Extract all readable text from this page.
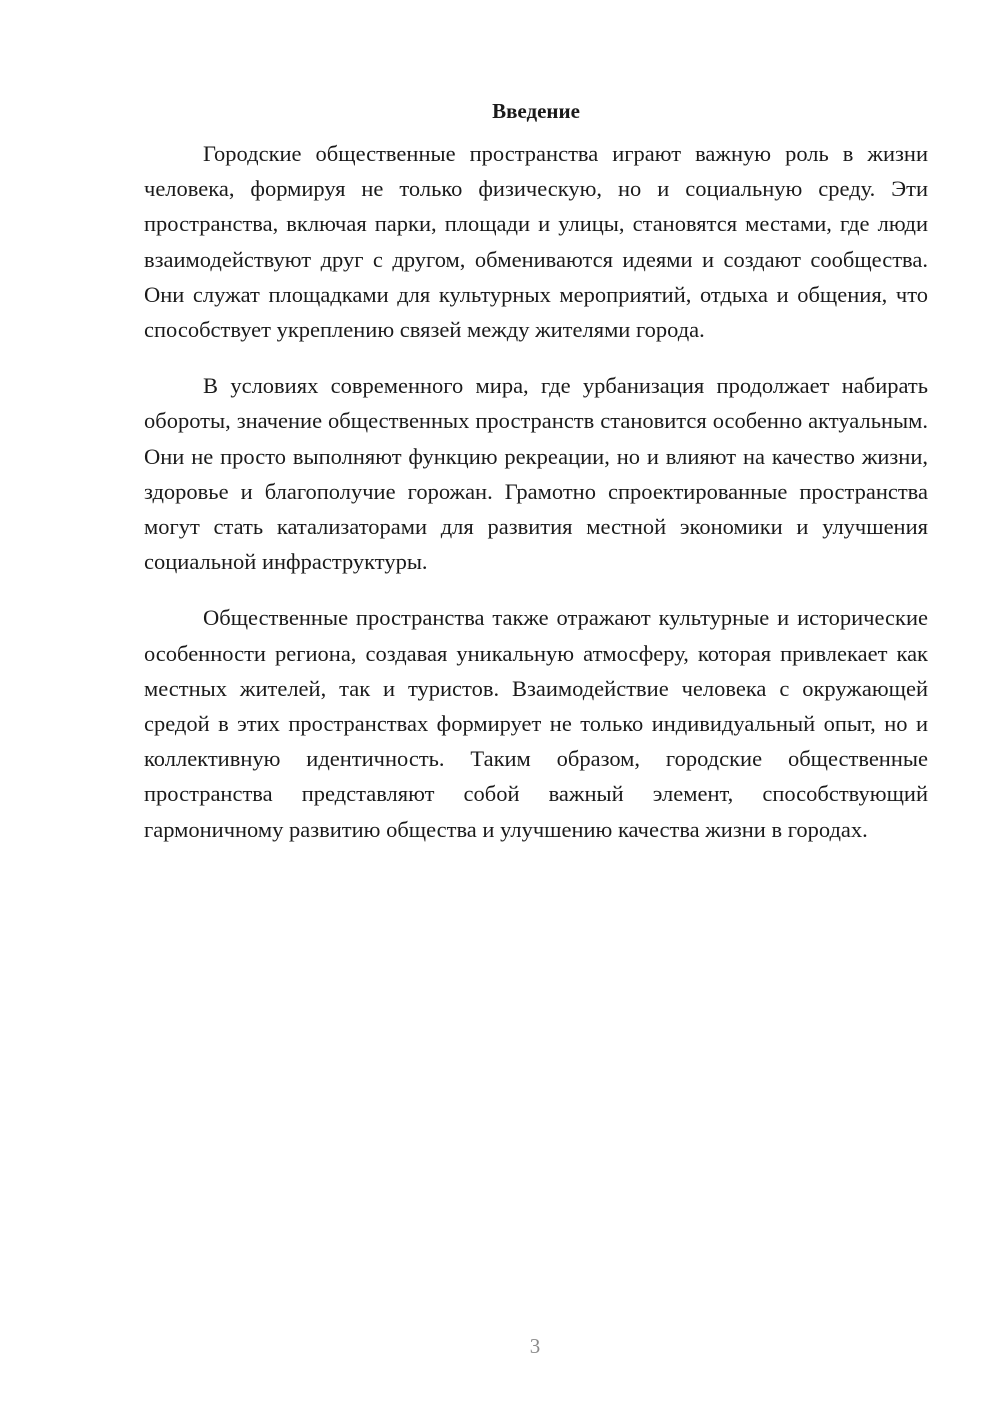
Введение

Городские общественные пространства играют важную роль в жизни человека, формируя не только физическую, но и социальную среду. Эти пространства, включая парки, площади и улицы, становятся местами, где люди взаимодействуют друг с другом, обмениваются идеями и создают сообщества. Они служат площадками для культурных мероприятий, отдыха и общения, что способствует укреплению связей между жителями города.

В условиях современного мира, где урбанизация продолжает набирать обороты, значение общественных пространств становится особенно актуальным. Они не просто выполняют функцию рекреации, но и влияют на качество жизни, здоровье и благополучие горожан. Грамотно спроектированные пространства могут стать катализаторами для развития местной экономики и улучшения социальной инфраструктуры.

Общественные пространства также отражают культурные и исторические особенности региона, создавая уникальную атмосферу, которая привлекает как местных жителей, так и туристов. Взаимодействие человека с окружающей средой в этих пространствах формирует не только индивидуальный опыт, но и коллективную идентичность. Таким образом, городские общественные пространства представляют собой важный элемент, способствующий гармоничному развитию общества и улучшению качества жизни в городах.

3
